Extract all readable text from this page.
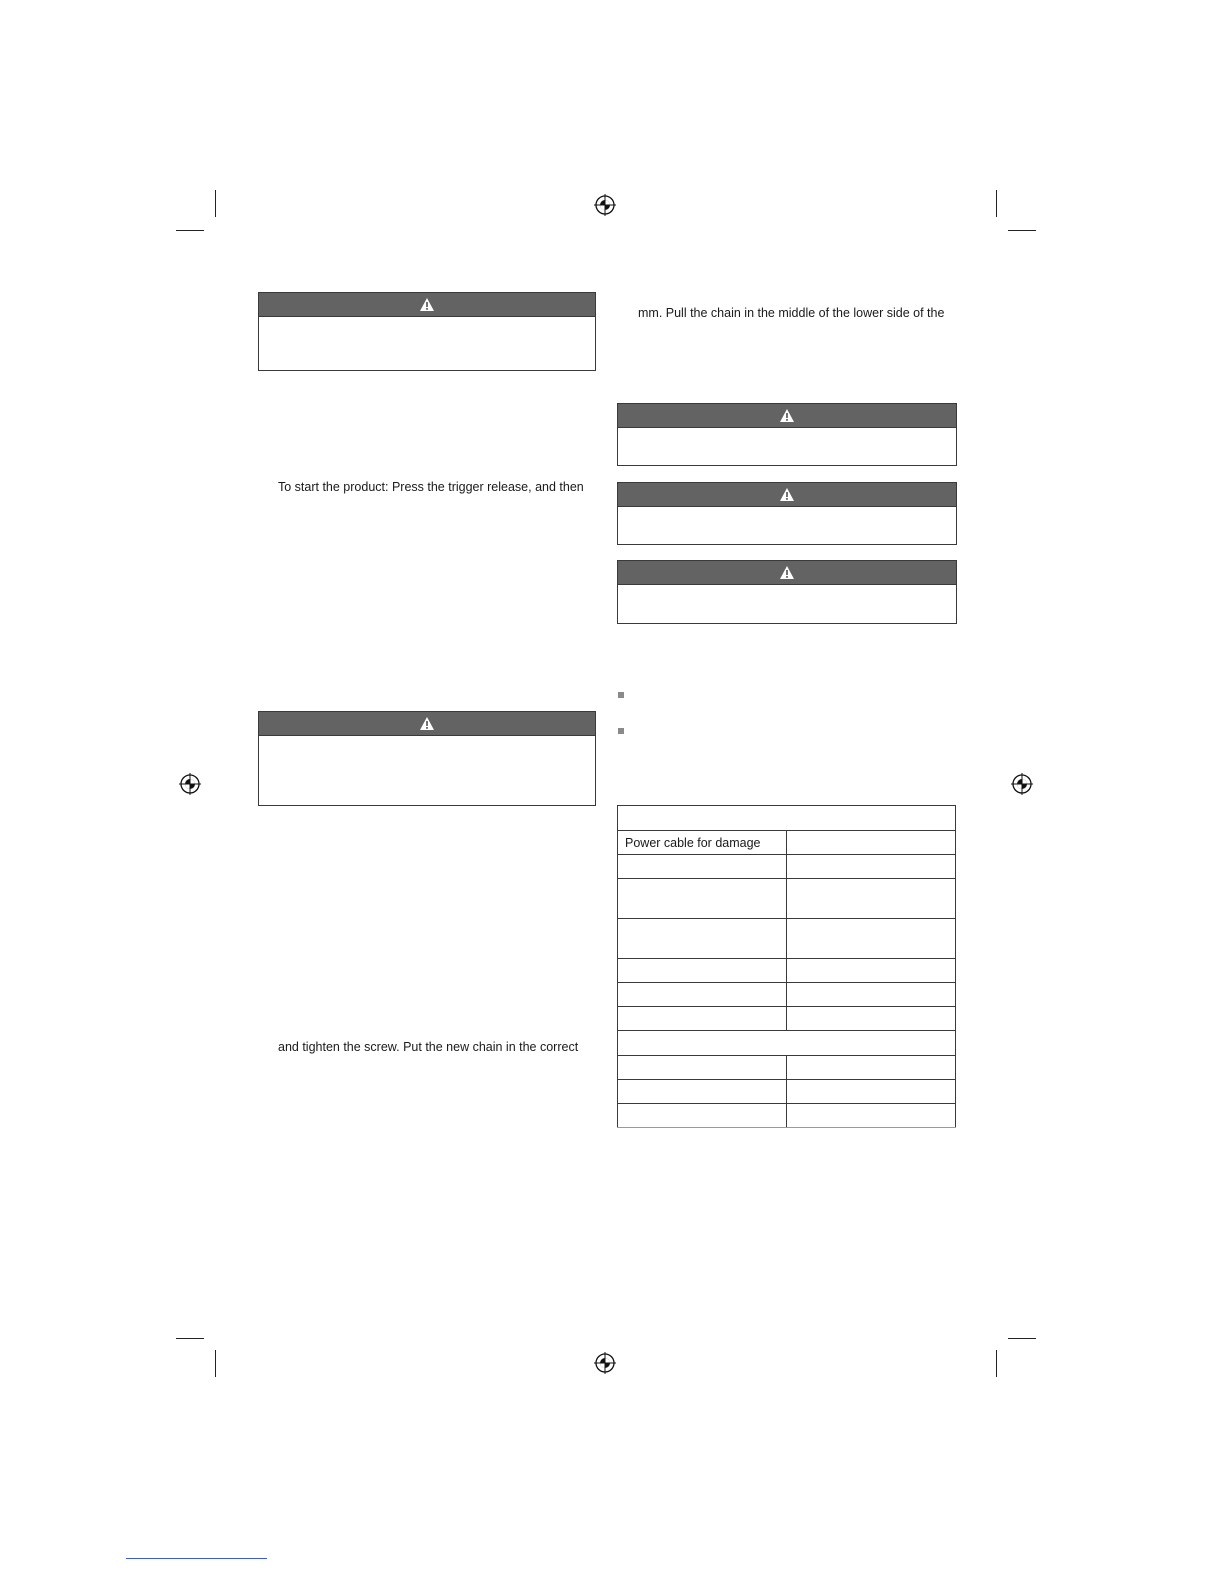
To start the product: Press the trigger release, and then
and tighten the screw. Put the new chain in the correct
mm. Pull the chain in the middle of the lower side of the

Power cable for damage	
